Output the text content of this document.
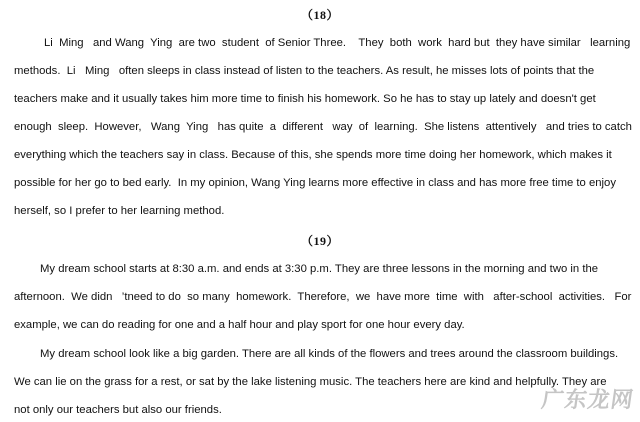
（18）
Li  Ming   and Wang  Ying  are two  student  of Senior Three.    They  both  work  hard but  they have similar   learning
methods.  Li   Ming   often sleeps in class instead of listen to the teachers. As result, he misses lots of points that the
teachers make and it usually takes him more time to finish his homework. So he has to stay up lately and doesn't get
enough  sleep.  However,   Wang  Ying   has quite  a  different   way  of  learning.  She listens  attentively   and tries to catch
everything which the teachers say in class. Because of this, she spends more time doing her homework, which makes it
possible for her go to bed early.  In my opinion, Wang Ying learns more effective in class and has more free time to enjoy
herself, so I prefer to her learning method.
（19）
My dream school starts at 8:30 a.m. and ends at 3:30 p.m. They are three lessons in the morning and two in the
afternoon.  We didn   ’tneed to do  so many  homework.  Therefore,  we  have more  time  with   after-school  activities.   For
example, we can do reading for one and a half hour and play sport for one hour every day.
My dream school look like a big garden. There are all kinds of the flowers and trees around the classroom buildings.
We can lie on the grass for a rest, or sat by the lake listening music. The teachers here are kind and helpfully. They are
not only our teachers but also our friends.	广东龙网
